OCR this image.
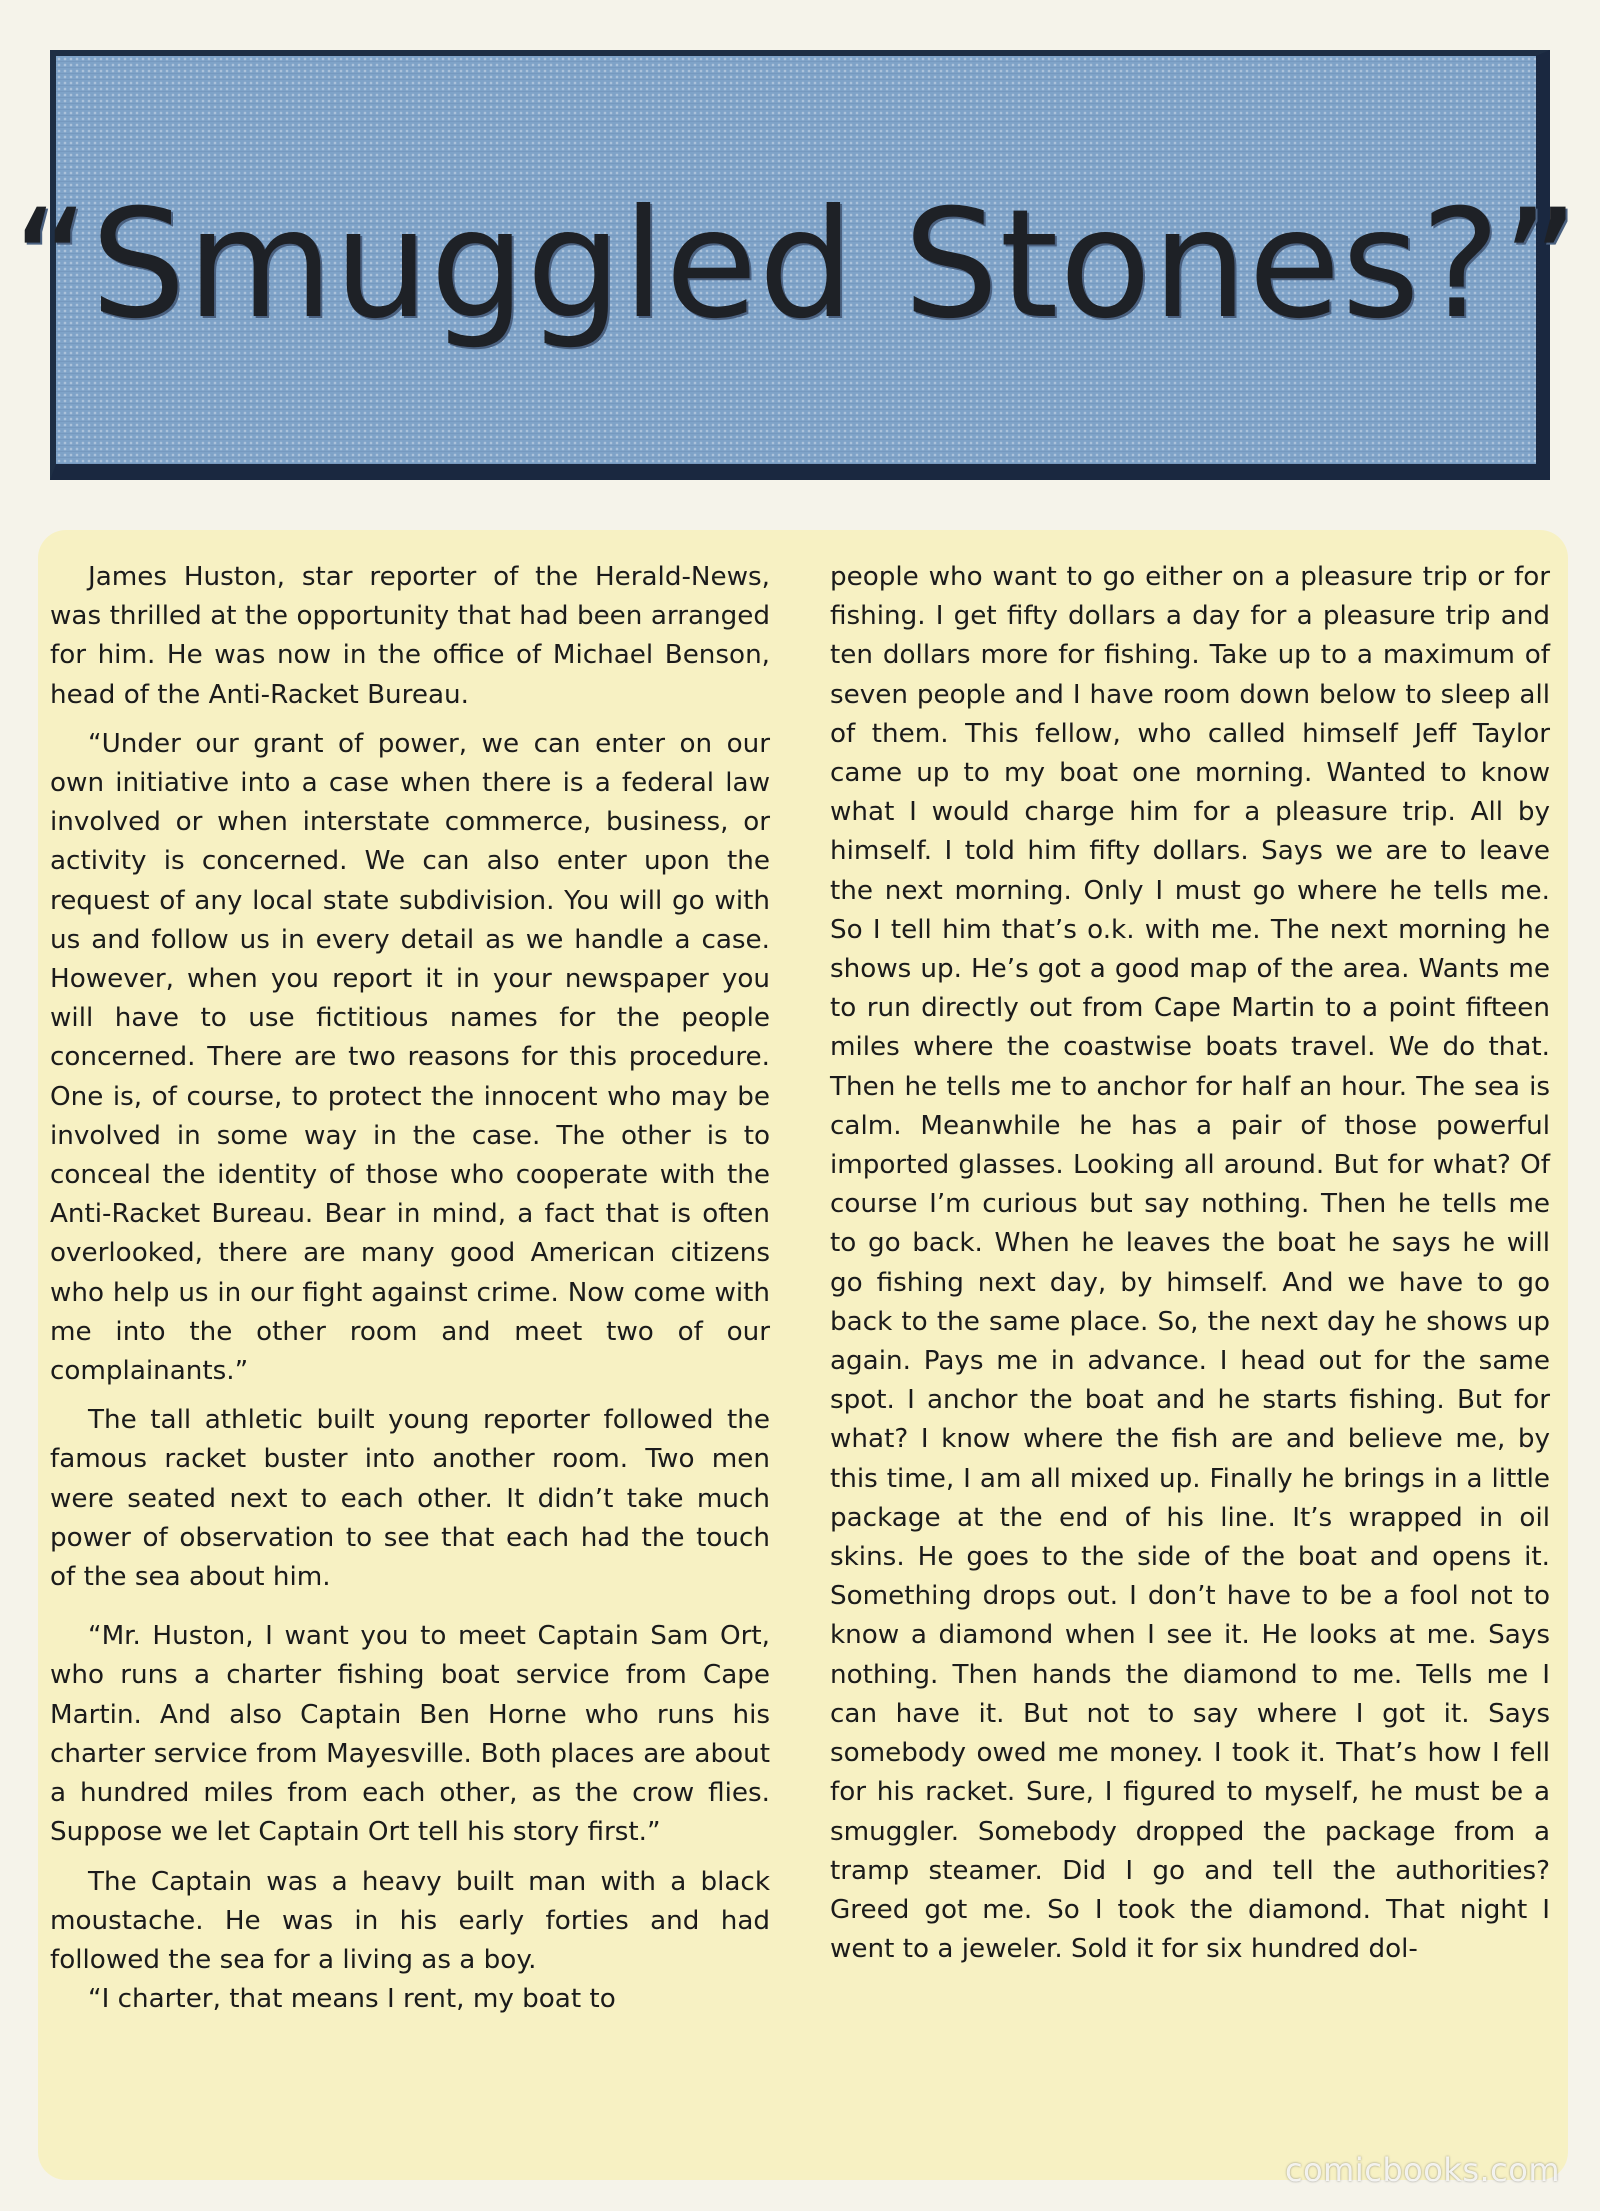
“Smuggled Stones?”

James Huston, star reporter of the Herald-News, was thrilled at the opportunity that had been arranged for him. He was now in the office of Michael Benson, head of the Anti-Racket Bureau.

“Under our grant of power, we can enter on our own initiative into a case when there is a federal law involved or when interstate commerce, business, or activity is concerned. We can also enter upon the request of any local state subdivision. You will go with us and follow us in every detail as we handle a case. However, when you report it in your newspaper you will have to use fictitious names for the people concerned. There are two reasons for this procedure. One is, of course, to protect the innocent who may be involved in some way in the case. The other is to conceal the identity of those who cooperate with the Anti-Racket Bureau. Bear in mind, a fact that is often overlooked, there are many good American citizens who help us in our fight against crime. Now come with me into the other room and meet two of our complainants.”

The tall athletic built young reporter followed the famous racket buster into another room. Two men were seated next to each other. It didn’t take much power of observation to see that each had the touch of the sea about him.

“Mr. Huston, I want you to meet Captain Sam Ort, who runs a charter fishing boat service from Cape Martin. And also Captain Ben Horne who runs his charter service from Mayesville. Both places are about a hundred miles from each other, as the crow flies. Suppose we let Captain Ort tell his story first.”

The Captain was a heavy built man with a black moustache. He was in his early forties and had followed the sea for a living as a boy.

“I charter, that means I rent, my boat to

people who want to go either on a pleasure trip or for fishing. I get fifty dollars a day for a pleasure trip and ten dollars more for fishing. Take up to a maximum of seven people and I have room down below to sleep all of them. This fellow, who called himself Jeff Taylor came up to my boat one morning. Wanted to know what I would charge him for a pleasure trip. All by himself. I told him fifty dollars. Says we are to leave the next morning. Only I must go where he tells me. So I tell him that’s o.k. with me. The next morning he shows up. He’s got a good map of the area. Wants me to run directly out from Cape Martin to a point fifteen miles where the coastwise boats travel. We do that. Then he tells me to anchor for half an hour. The sea is calm. Meanwhile he has a pair of those powerful imported glasses. Looking all around. But for what? Of course I’m curious but say nothing. Then he tells me to go back. When he leaves the boat he says he will go fishing next day, by himself. And we have to go back to the same place. So, the next day he shows up again. Pays me in advance. I head out for the same spot. I anchor the boat and he starts fishing. But for what? I know where the fish are and believe me, by this time, I am all mixed up. Finally he brings in a little package at the end of his line. It’s wrapped in oil skins. He goes to the side of the boat and opens it. Something drops out. I don’t have to be a fool not to know a diamond when I see it. He looks at me. Says nothing. Then hands the diamond to me. Tells me I can have it. But not to say where I got it. Says somebody owed me money. I took it. That’s how I fell for his racket. Sure, I figured to myself, he must be a smuggler. Somebody dropped the package from a tramp steamer. Did I go and tell the authorities? Greed got me. So I took the diamond. That night I went to a jeweler. Sold it for six hundred dol-

comicbooks.com
